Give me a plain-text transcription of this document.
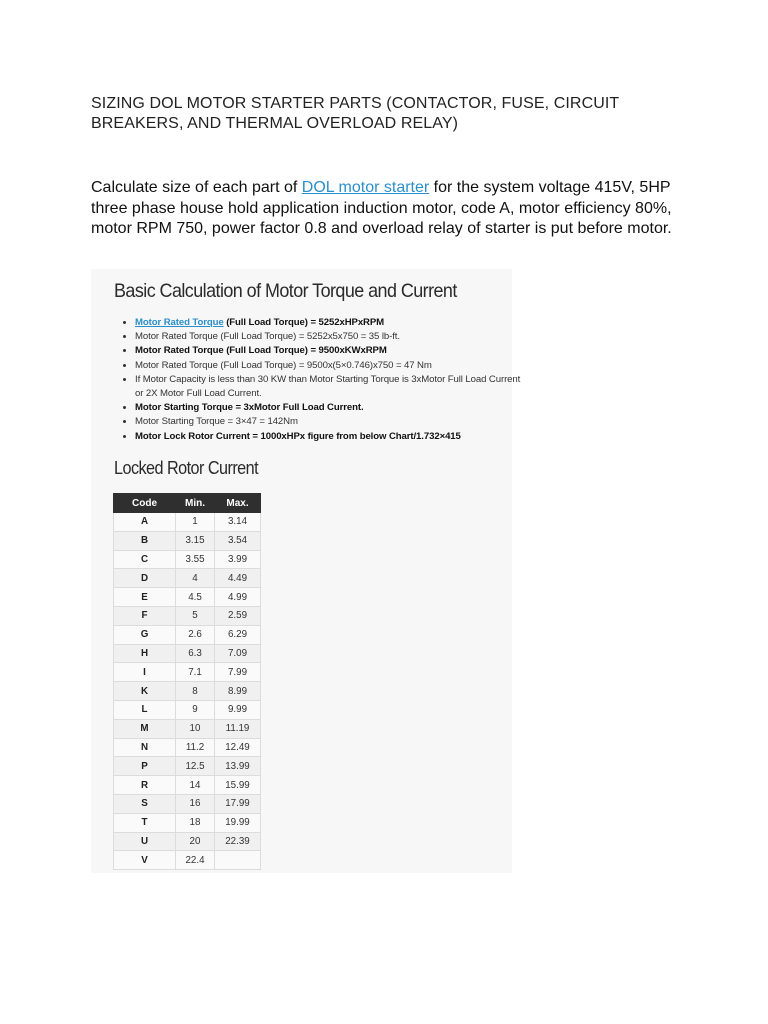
SIZING DOL MOTOR STARTER PARTS (CONTACTOR, FUSE, CIRCUIT BREAKERS, AND THERMAL OVERLOAD RELAY)
Calculate size of each part of DOL motor starter for the system voltage 415V, 5HP three phase house hold application induction motor, code A, motor efficiency 80%, motor RPM 750, power factor 0.8 and overload relay of starter is put before motor.
Basic Calculation of Motor Torque and Current
• Motor Rated Torque (Full Load Torque) = 5252xHPxRPM
• Motor Rated Torque (Full Load Torque) = 5252x5x750 = 35 lb-ft.
• Motor Rated Torque (Full Load Torque) = 9500xKWxRPM
• Motor Rated Torque (Full Load Torque) = 9500x(5×0.746)x750 = 47 Nm
• If Motor Capacity is less than 30 KW than Motor Starting Torque is 3xMotor Full Load Current or 2X Motor Full Load Current.
• Motor Starting Torque = 3xMotor Full Load Current.
• Motor Starting Torque = 3×47 = 142Nm
• Motor Lock Rotor Current = 1000xHPx figure from below Chart/1.732×415
Locked Rotor Current
Code	Min.	Max.
A	1	3.14
B	3.15	3.54
C	3.55	3.99
D	4	4.49
E	4.5	4.99
F	5	2.59
G	2.6	6.29
H	6.3	7.09
I	7.1	7.99
K	8	8.99
L	9	9.99
M	10	11.19
N	11.2	12.49
P	12.5	13.99
R	14	15.99
S	16	17.99
T	18	19.99
U	20	22.39
V	22.4	
